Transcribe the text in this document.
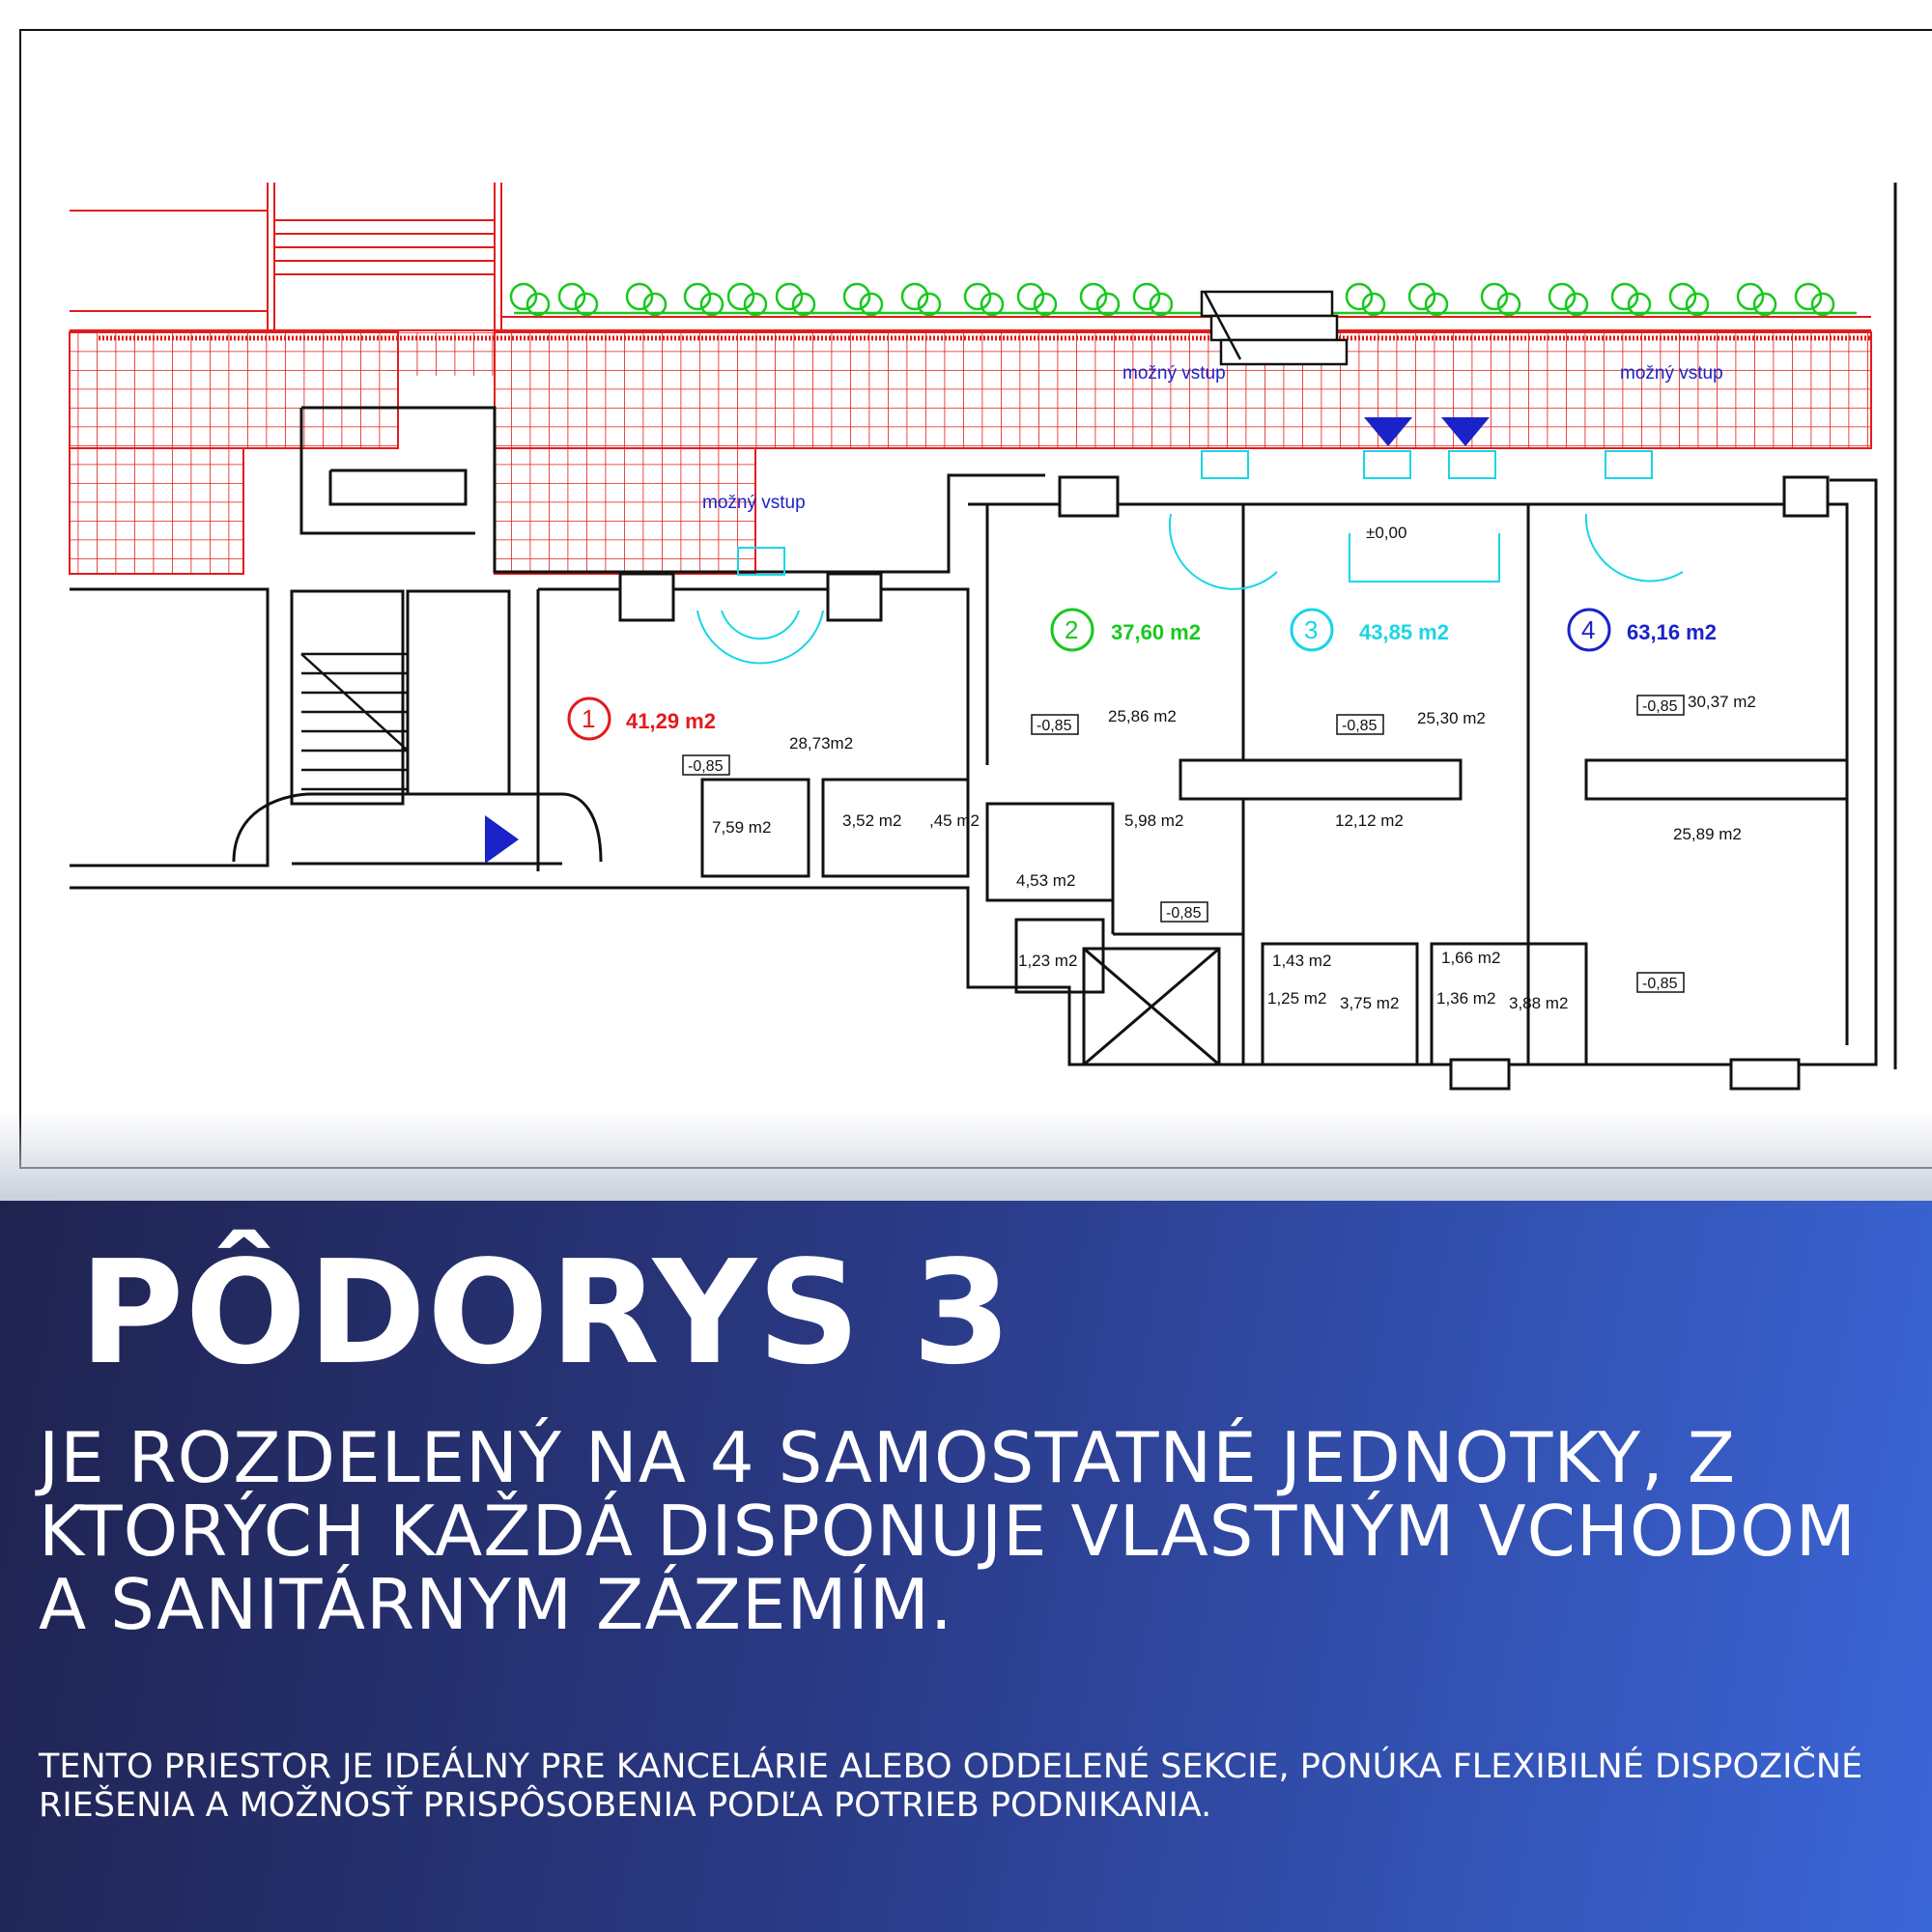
možný vstup
možný vstup	možný vstup
±0,00
1 41,29 m2
2 37,60 m2	3 43,85 m2	4 63,16 m2
-0,85
-0,85
-0,85
-0,85
-0,85
-0,85
28,73m2
7,59 m2	3,52 m2 ,45 m2
25,86 m2
5,98 m2
4,53 m2
1,23 m2
25,30 m2
12,12 m2
1,43 m2
1,25 m2 3,75 m2
30,37 m2
25,89 m2
1,66 m2
1,36 m2 3,88 m2
PÔDORYS 3

JE ROZDELENÝ NA 4 SAMOSTATNÉ JEDNOTKY, Z KTORÝCH KAŽDÁ DISPONUJE VLASTNÝM VCHODOM A SANITÁRNYM ZÁZEMÍM.

TENTO PRIESTOR JE IDEÁLNY PRE KANCELÁRIE ALEBO ODDELENÉ SEKCIE, PONÚKA FLEXIBILNÉ DISPOZIČNÉ RIEŠENIA A MOŽNOSŤ PRISPÔSOBENIA PODĽA POTRIEB PODNIKANIA.
